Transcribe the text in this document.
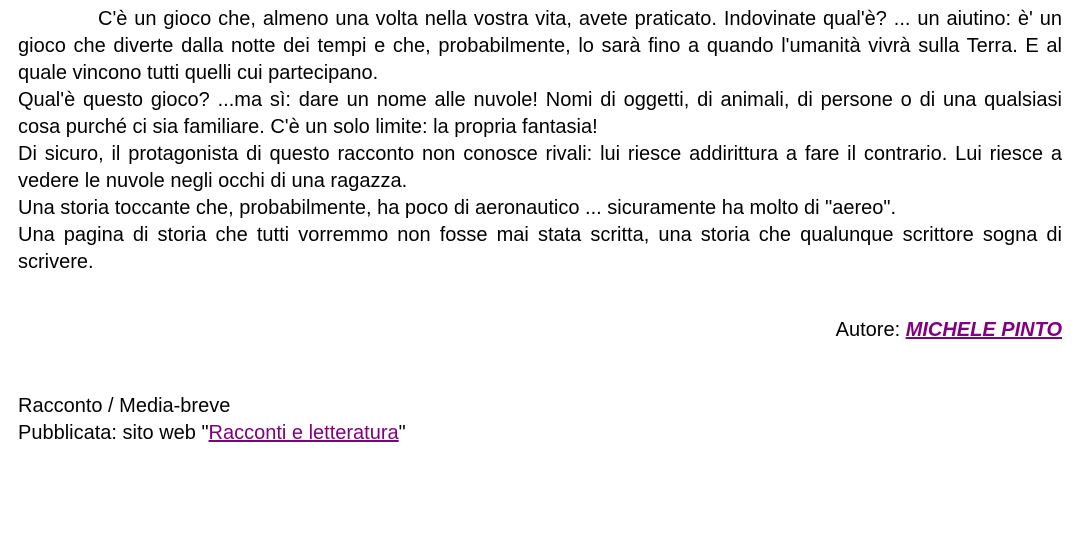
C'è un gioco che, almeno una volta nella vostra vita, avete praticato. Indovinate qual'è? ... un aiutino: è' un gioco che diverte dalla notte dei tempi e che, probabilmente, lo sarà fino a quando l'umanità vivrà sulla Terra. E al quale vincono tutti quelli cui partecipano.

Qual'è questo gioco? ...ma sì: dare un nome alle nuvole! Nomi di oggetti, di animali, di persone o di una qualsiasi cosa purché ci sia familiare. C'è un solo limite: la propria fantasia!

Di sicuro, il protagonista di questo racconto non conosce rivali: lui riesce addirittura a fare il contrario. Lui riesce a vedere le nuvole negli occhi di una ragazza.

Una storia toccante che, probabilmente, ha poco di aeronautico ... sicuramente ha molto di "aereo".

Una pagina di storia che tutti vorremmo non fosse mai stata scritta, una storia che qualunque scrittore sogna di scrivere.

Autore: MICHELE PINTO

Racconto / Media-breve

Pubblicata: sito web "Racconti e letteratura"
